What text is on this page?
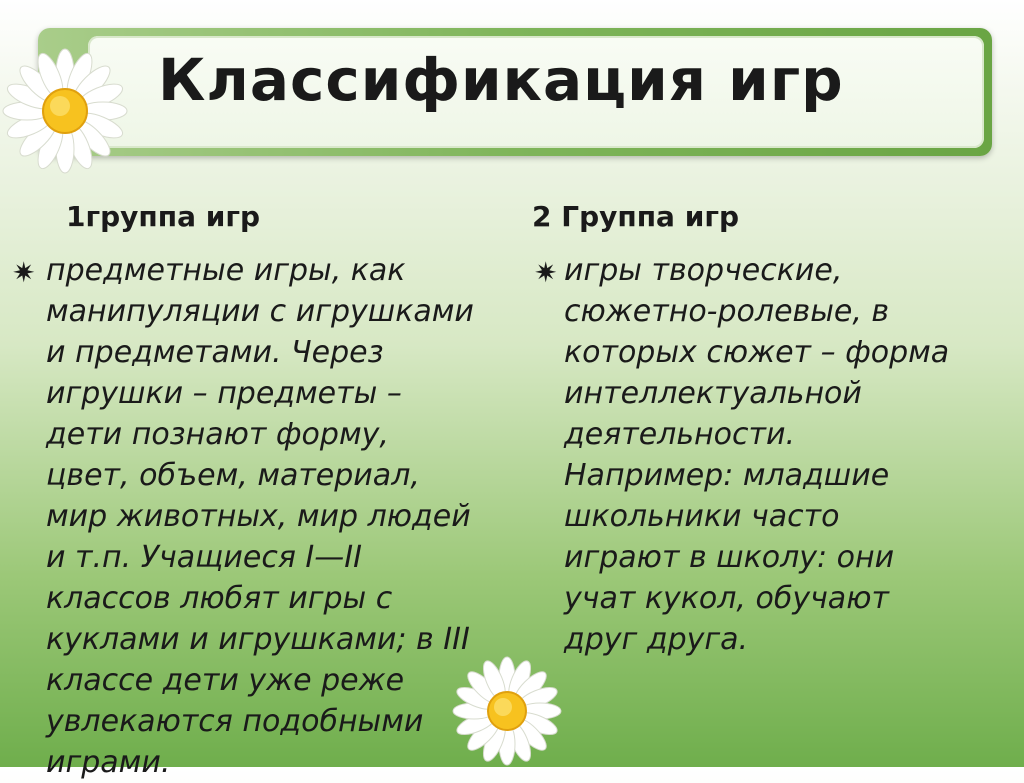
Классификация игр
1группа игр
✷ предметные игры, как
манипуляции с игрушками
и предметами. Через
игрушки – предметы –
дети познают форму,
цвет, объем, материал,
мир животных, мир людей
и т.п. Учащиеся I—II
классов любят игры с
куклами и игрушками; в III
классе дети уже реже
увлекаются подобными
играми.
2 Группа игр
✷ игры творческие,
сюжетно-ролевые, в
которых сюжет – форма
интеллектуальной
деятельности.
Например: младшие
школьники часто
играют в школу: они
учат кукол, обучают
друг друга.
